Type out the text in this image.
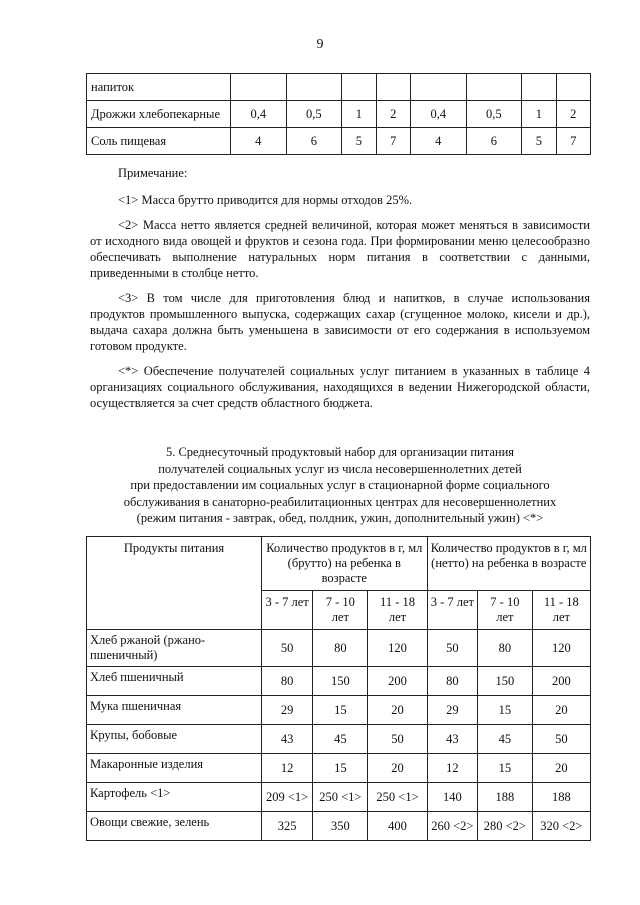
9
напиток								
Дрожжи хлебопекарные	0,4	0,5	1	2	0,4	0,5	1	2
Соль пищевая	4	6	5	7	4	6	5	7

Примечание:

<1> Масса брутто приводится для нормы отходов 25%.

<2> Масса нетто является средней величиной, которая может меняться в зависимости от исходного вида овощей и фруктов и сезона года. При формировании меню целесообразно обеспечивать выполнение натуральных норм питания в соответствии с данными, приведенными в столбце нетто.

<3> В том числе для приготовления блюд и напитков, в случае использования продуктов промышленного выпуска, содержащих сахар (сгущенное молоко, кисели и др.), выдача сахара должна быть уменьшена в зависимости от его содержания в используемом готовом продукте.

<*> Обеспечение получателей социальных услуг питанием в указанных в таблице 4 организациях социального обслуживания, находящихся в ведении Нижегородской области, осуществляется за счет средств областного бюджета.

5. Среднесуточный продуктовый набор для организации питания
получателей социальных услуг из числа несовершеннолетних детей
при предоставлении им социальных услуг в стационарной форме социального
обслуживания в санаторно-реабилитационных центрах для несовершеннолетних
(режим питания - завтрак, обед, полдник, ужин, дополнительный ужин) <*>
Продукты питания	Количество продуктов в г, мл (брутто) на ребенка в возрасте			Количество продуктов в г, мл (нетто) на ребенка в возрасте		
	3 - 7 лет	7 - 10 лет	11 - 18 лет	3 - 7 лет	7 - 10 лет	11 - 18 лет
Хлеб ржаной (ржано-пшеничный)	50	80	120	50	80	120
Хлеб пшеничный	80	150	200	80	150	200
Мука пшеничная	29	15	20	29	15	20
Крупы, бобовые	43	45	50	43	45	50
Макаронные изделия	12	15	20	12	15	20
Картофель <1>	209 <1>	250 <1>	250 <1>	140	188	188
Овощи свежие, зелень	325	350	400	260 <2>	280 <2>	320 <2>
